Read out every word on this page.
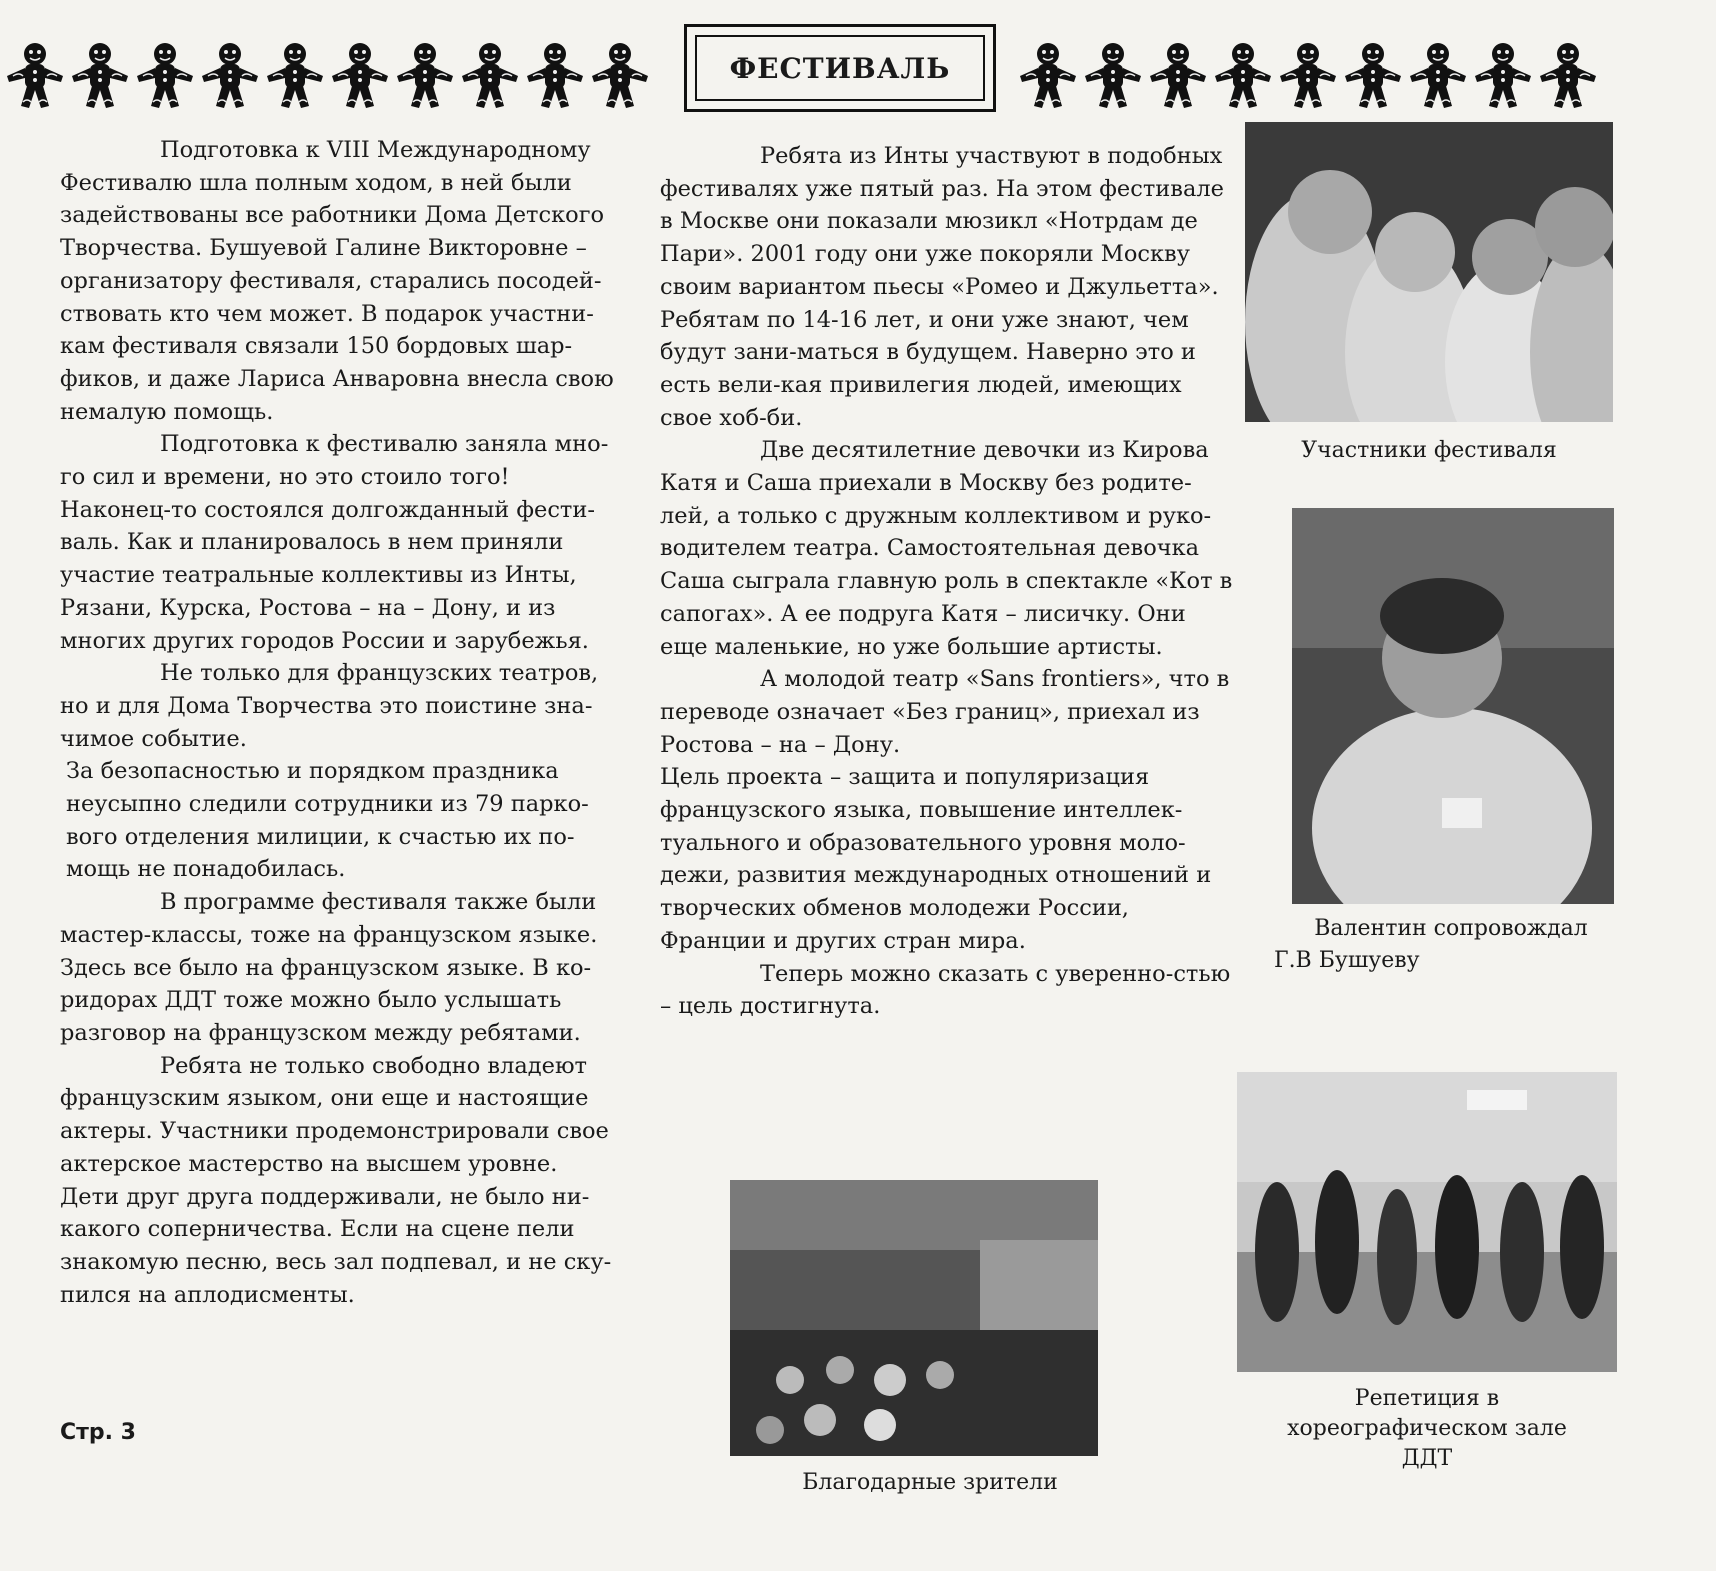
ФЕСТИВАЛЬ

Подготовка к VIII Международному Фестивалю шла полным ходом, в ней были задействованы все работники Дома Детского Творчества. Бушуевой Галине Викторовне – организатору фестиваля, старались посодей-ствовать кто чем может. В подарок участни-кам фестиваля связали 150 бордовых шар-фиков, и даже Лариса Анваровна внесла свою немалую помощь.

Подготовка к фестивалю заняла мно-го сил и времени, но это стоило того! Наконец-то состоялся долгожданный фести-валь. Как и планировалось в нем приняли участие театральные коллективы из Инты, Рязани, Курска, Ростова – на – Дону, и из многих других городов России и зарубежья.

Не только для французских театров, но и для Дома Творчества это поистине зна-чимое событие.

За безопасностью и порядком праздника неусыпно следили сотрудники из 79 парко-вого отделения милиции, к счастью их по-мощь не понадобилась.

В программе фестиваля также были мастер-классы, тоже на французском языке. Здесь все было на французском языке. В ко-ридорах ДДТ тоже можно было услышать разговор на французском между ребятами.

Ребята не только свободно владеют французским языком, они еще и настоящие актеры. Участники продемонстрировали свое актерское мастерство на высшем уровне. Дети друг друга поддерживали, не было ни-какого соперничества. Если на сцене пели знакомую песню, весь зал подпевал, и не ску-пился на аплодисменты.

Ребята из Инты участвуют в подобных фестивалях уже пятый раз. На этом фестивале в Москве они показали мюзикл «Нотрдам де Пари». 2001 году они уже покоряли Москву своим вариантом пьесы «Ромео и Джульетта». Ребятам по 14-16 лет, и они уже знают, чем будут зани-маться в будущем. Наверно это и есть вели-кая привилегия людей, имеющих свое хоб-би.

Две десятилетние девочки из Кирова Катя и Саша приехали в Москву без родите-лей, а только с дружным коллективом и руко-водителем театра. Самостоятельная девочка Саша сыграла главную роль в спектакле «Кот в сапогах». А ее подруга Катя – лисичку. Они еще маленькие, но уже большие артисты.

А молодой театр «Sans frontiers», что в переводе означает «Без границ», приехал из Ростова – на – Дону.

Цель проекта – защита и популяризация французского языка, повышение интеллек-туального и образовательного уровня моло-дежи, развития международных отношений и творческих обменов молодежи России, Франции и других стран мира.

Теперь можно сказать с уверенно-стью – цель достигнута.

Участники фестиваля
Валентин сопровождал
Г.В Бушуеву
Благодарные зрители
Репетиция в
хореографическом зале
ДДТ
Стр. 3
